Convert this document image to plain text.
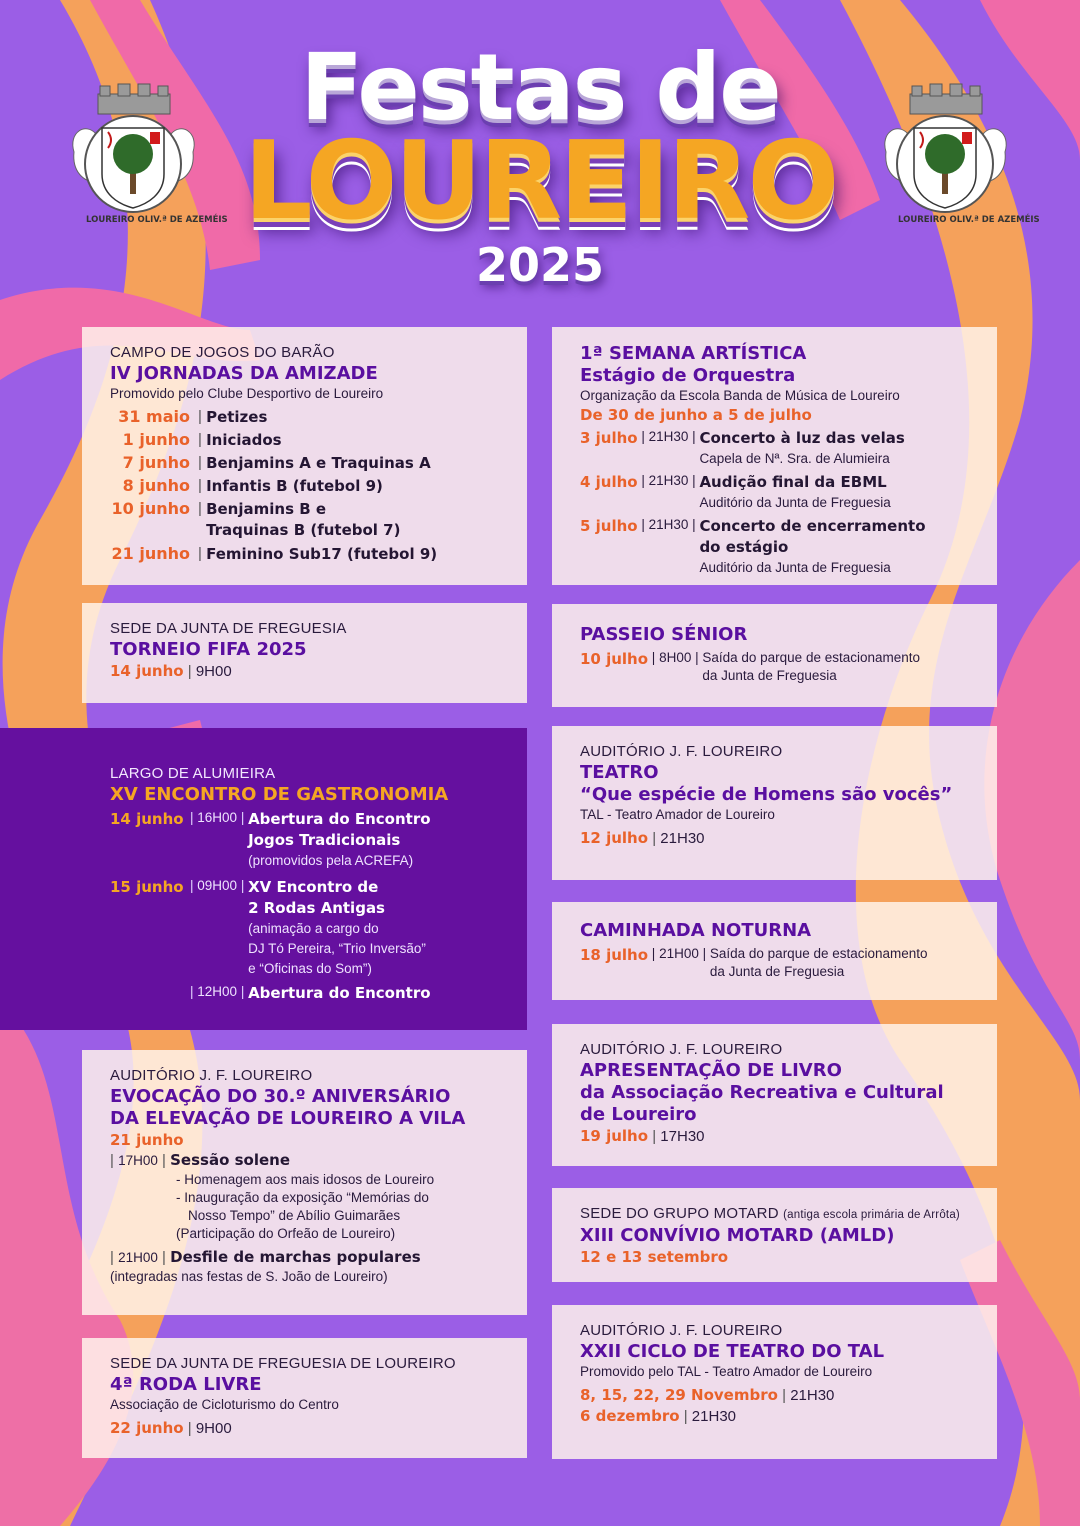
LOUREIRO OLIV.ª DE AZEMÉIS	LOUREIRO OLIV.ª DE AZEMÉIS
Festas de
LOUREIRO
2025
CAMPO DE JOGOS DO BARÃO
IV JORNADAS DA AMIZADE
Promovido pelo Clube Desportivo de Loureiro
31 maio | Petizes
1 junho | Iniciados
7 junho | Benjamins A e Traquinas A
8 junho | Infantis B (futebol 9)
10 junho | Benjamins B e
Traquinas B (futebol 7)
21 junho | Feminino Sub17 (futebol 9)
SEDE DA JUNTA DE FREGUESIA
TORNEIO FIFA 2025
14 junho | 9H00
LARGO DE ALUMIEIRA
XV ENCONTRO DE GASTRONOMIA
14 junho | 16H00 | Abertura do Encontro
Jogos Tradicionais
(promovidos pela ACREFA)
15 junho | 09H00 | XV Encontro de
2 Rodas Antigas
(animação a cargo do
DJ Tó Pereira, “Trio Inversão”
e “Oficinas do Som”)
| 12H00 | Abertura do Encontro
AUDITÓRIO J. F. LOUREIRO
EVOCAÇÃO DO 30.º ANIVERSÁRIO
DA ELEVAÇÃO DE LOUREIRO A VILA
21 junho
| 17H00 | Sessão solene
- Homenagem aos mais idosos de Loureiro
- Inauguração da exposição “Memórias do
Nosso Tempo” de Abílio Guimarães
(Participação do Orfeão de Loureiro)
| 21H00 | Desfile de marchas populares
(integradas nas festas de S. João de Loureiro)
SEDE DA JUNTA DE FREGUESIA DE LOUREIRO
4ª RODA LIVRE
Associação de Cicloturismo do Centro
22 junho | 9H00
1ª SEMANA ARTÍSTICA
Estágio de Orquestra
Organização da Escola Banda de Música de Loureiro
De 30 de junho a 5 de julho
3 julho | 21H30 | Concerto à luz das velas
Capela de Nª. Sra. de Alumieira
4 julho | 21H30 | Audição final da EBML
Auditório da Junta de Freguesia
5 julho | 21H30 | Concerto de encerramento
do estágio
Auditório da Junta de Freguesia
PASSEIO SÉNIOR
10 julho | 8H00 | Saída do parque de estacionamento
da Junta de Freguesia
AUDITÓRIO J. F. LOUREIRO
TEATRO
“Que espécie de Homens são vocês”
TAL - Teatro Amador de Loureiro
12 julho | 21H30
CAMINHADA NOTURNA
18 julho | 21H00 | Saída do parque de estacionamento
da Junta de Freguesia
AUDITÓRIO J. F. LOUREIRO
APRESENTAÇÃO DE LIVRO
da Associação Recreativa e Cultural
de Loureiro
19 julho | 17H30
SEDE DO GRUPO MOTARD (antiga escola primária de Arrôta)
XIII CONVÍVIO MOTARD (AMLD)
12 e 13 setembro
AUDITÓRIO J. F. LOUREIRO
XXII CICLO DE TEATRO DO TAL
Promovido pelo TAL - Teatro Amador de Loureiro
8, 15, 22, 29 Novembro | 21H30
6 dezembro | 21H30
